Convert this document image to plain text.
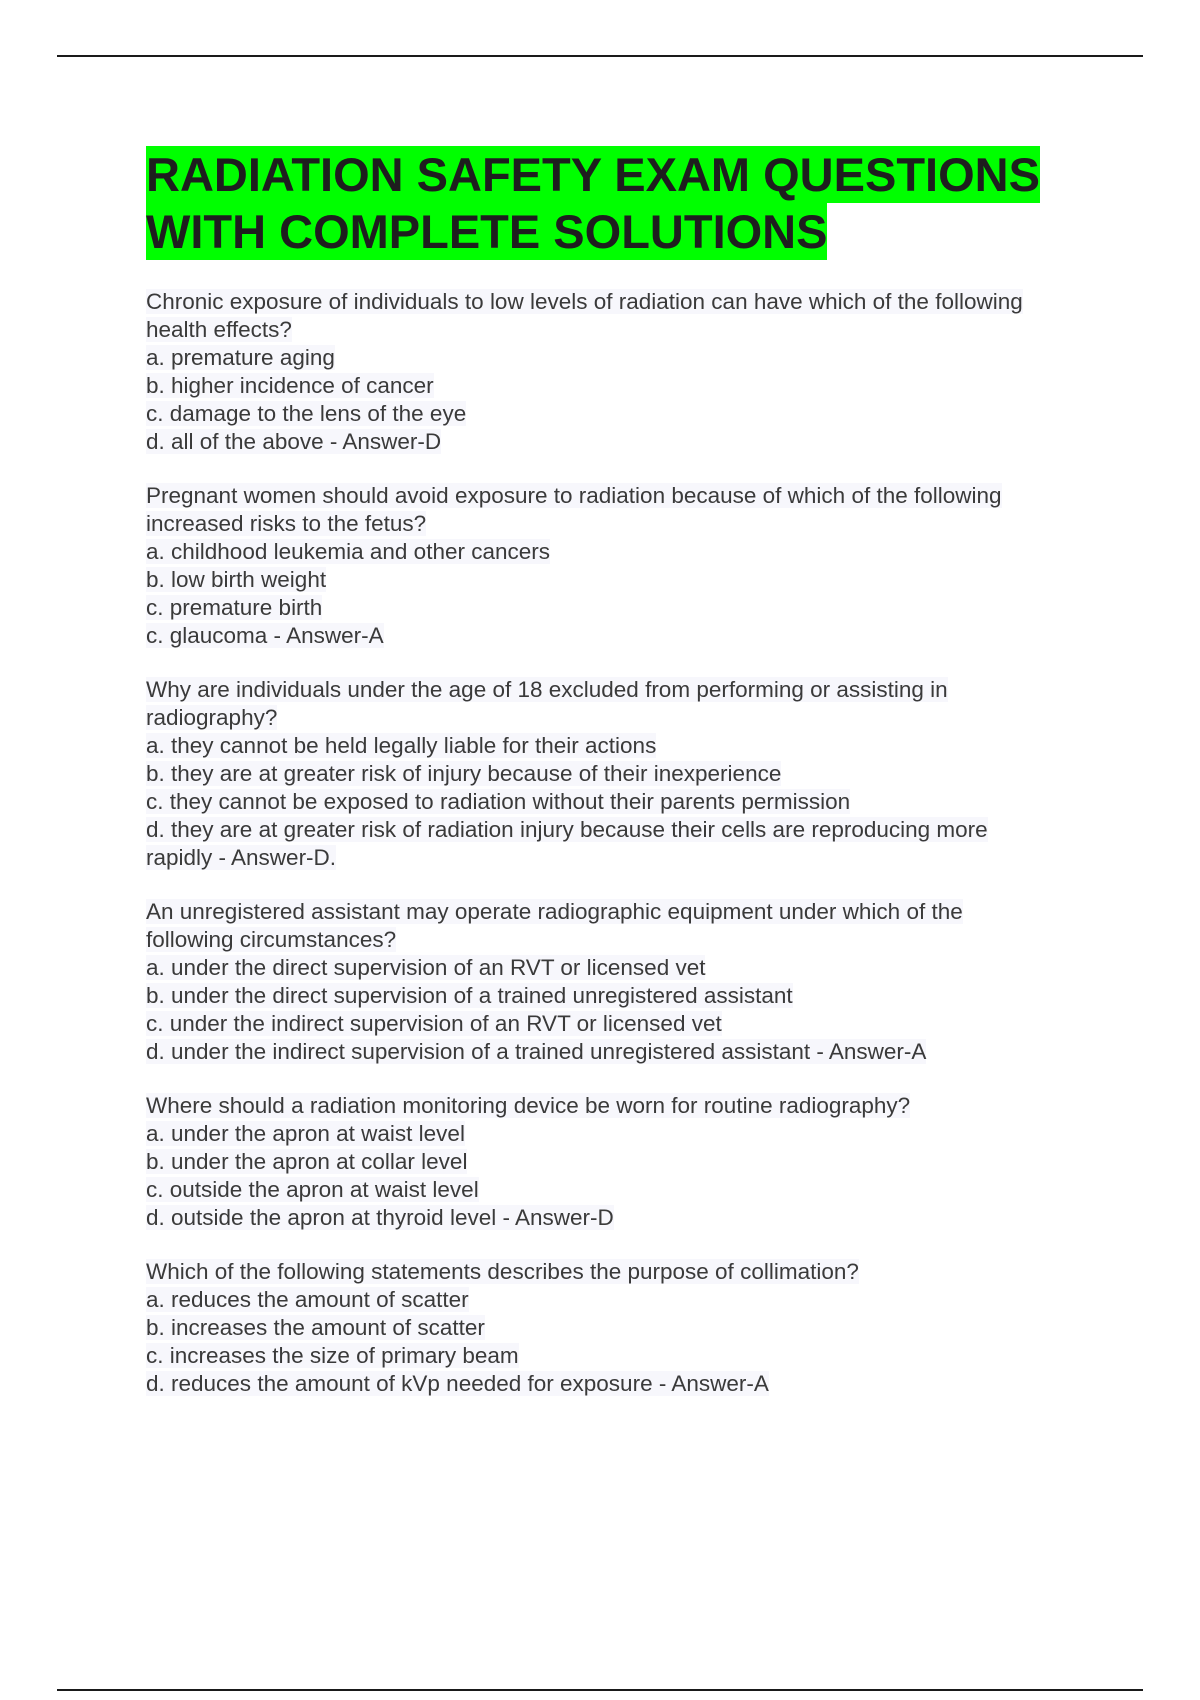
RADIATION SAFETY EXAM QUESTIONS
WITH COMPLETE SOLUTIONS
Chronic exposure of individuals to low levels of radiation can have which of the following
health effects?
a. premature aging
b. higher incidence of cancer
c. damage to the lens of the eye
d. all of the above - Answer-D
Pregnant women should avoid exposure to radiation because of which of the following
increased risks to the fetus?
a. childhood leukemia and other cancers
b. low birth weight
c. premature birth
c. glaucoma - Answer-A
Why are individuals under the age of 18 excluded from performing or assisting in
radiography?
a. they cannot be held legally liable for their actions
b. they are at greater risk of injury because of their inexperience
c. they cannot be exposed to radiation without their parents permission
d. they are at greater risk of radiation injury because their cells are reproducing more
rapidly - Answer-D.
An unregistered assistant may operate radiographic equipment under which of the
following circumstances?
a. under the direct supervision of an RVT or licensed vet
b. under the direct supervision of a trained unregistered assistant
c. under the indirect supervision of an RVT or licensed vet
d. under the indirect supervision of a trained unregistered assistant - Answer-A
Where should a radiation monitoring device be worn for routine radiography?
a. under the apron at waist level
b. under the apron at collar level
c. outside the apron at waist level
d. outside the apron at thyroid level - Answer-D
Which of the following statements describes the purpose of collimation?
a. reduces the amount of scatter
b. increases the amount of scatter
c. increases the size of primary beam
d. reduces the amount of kVp needed for exposure - Answer-A
